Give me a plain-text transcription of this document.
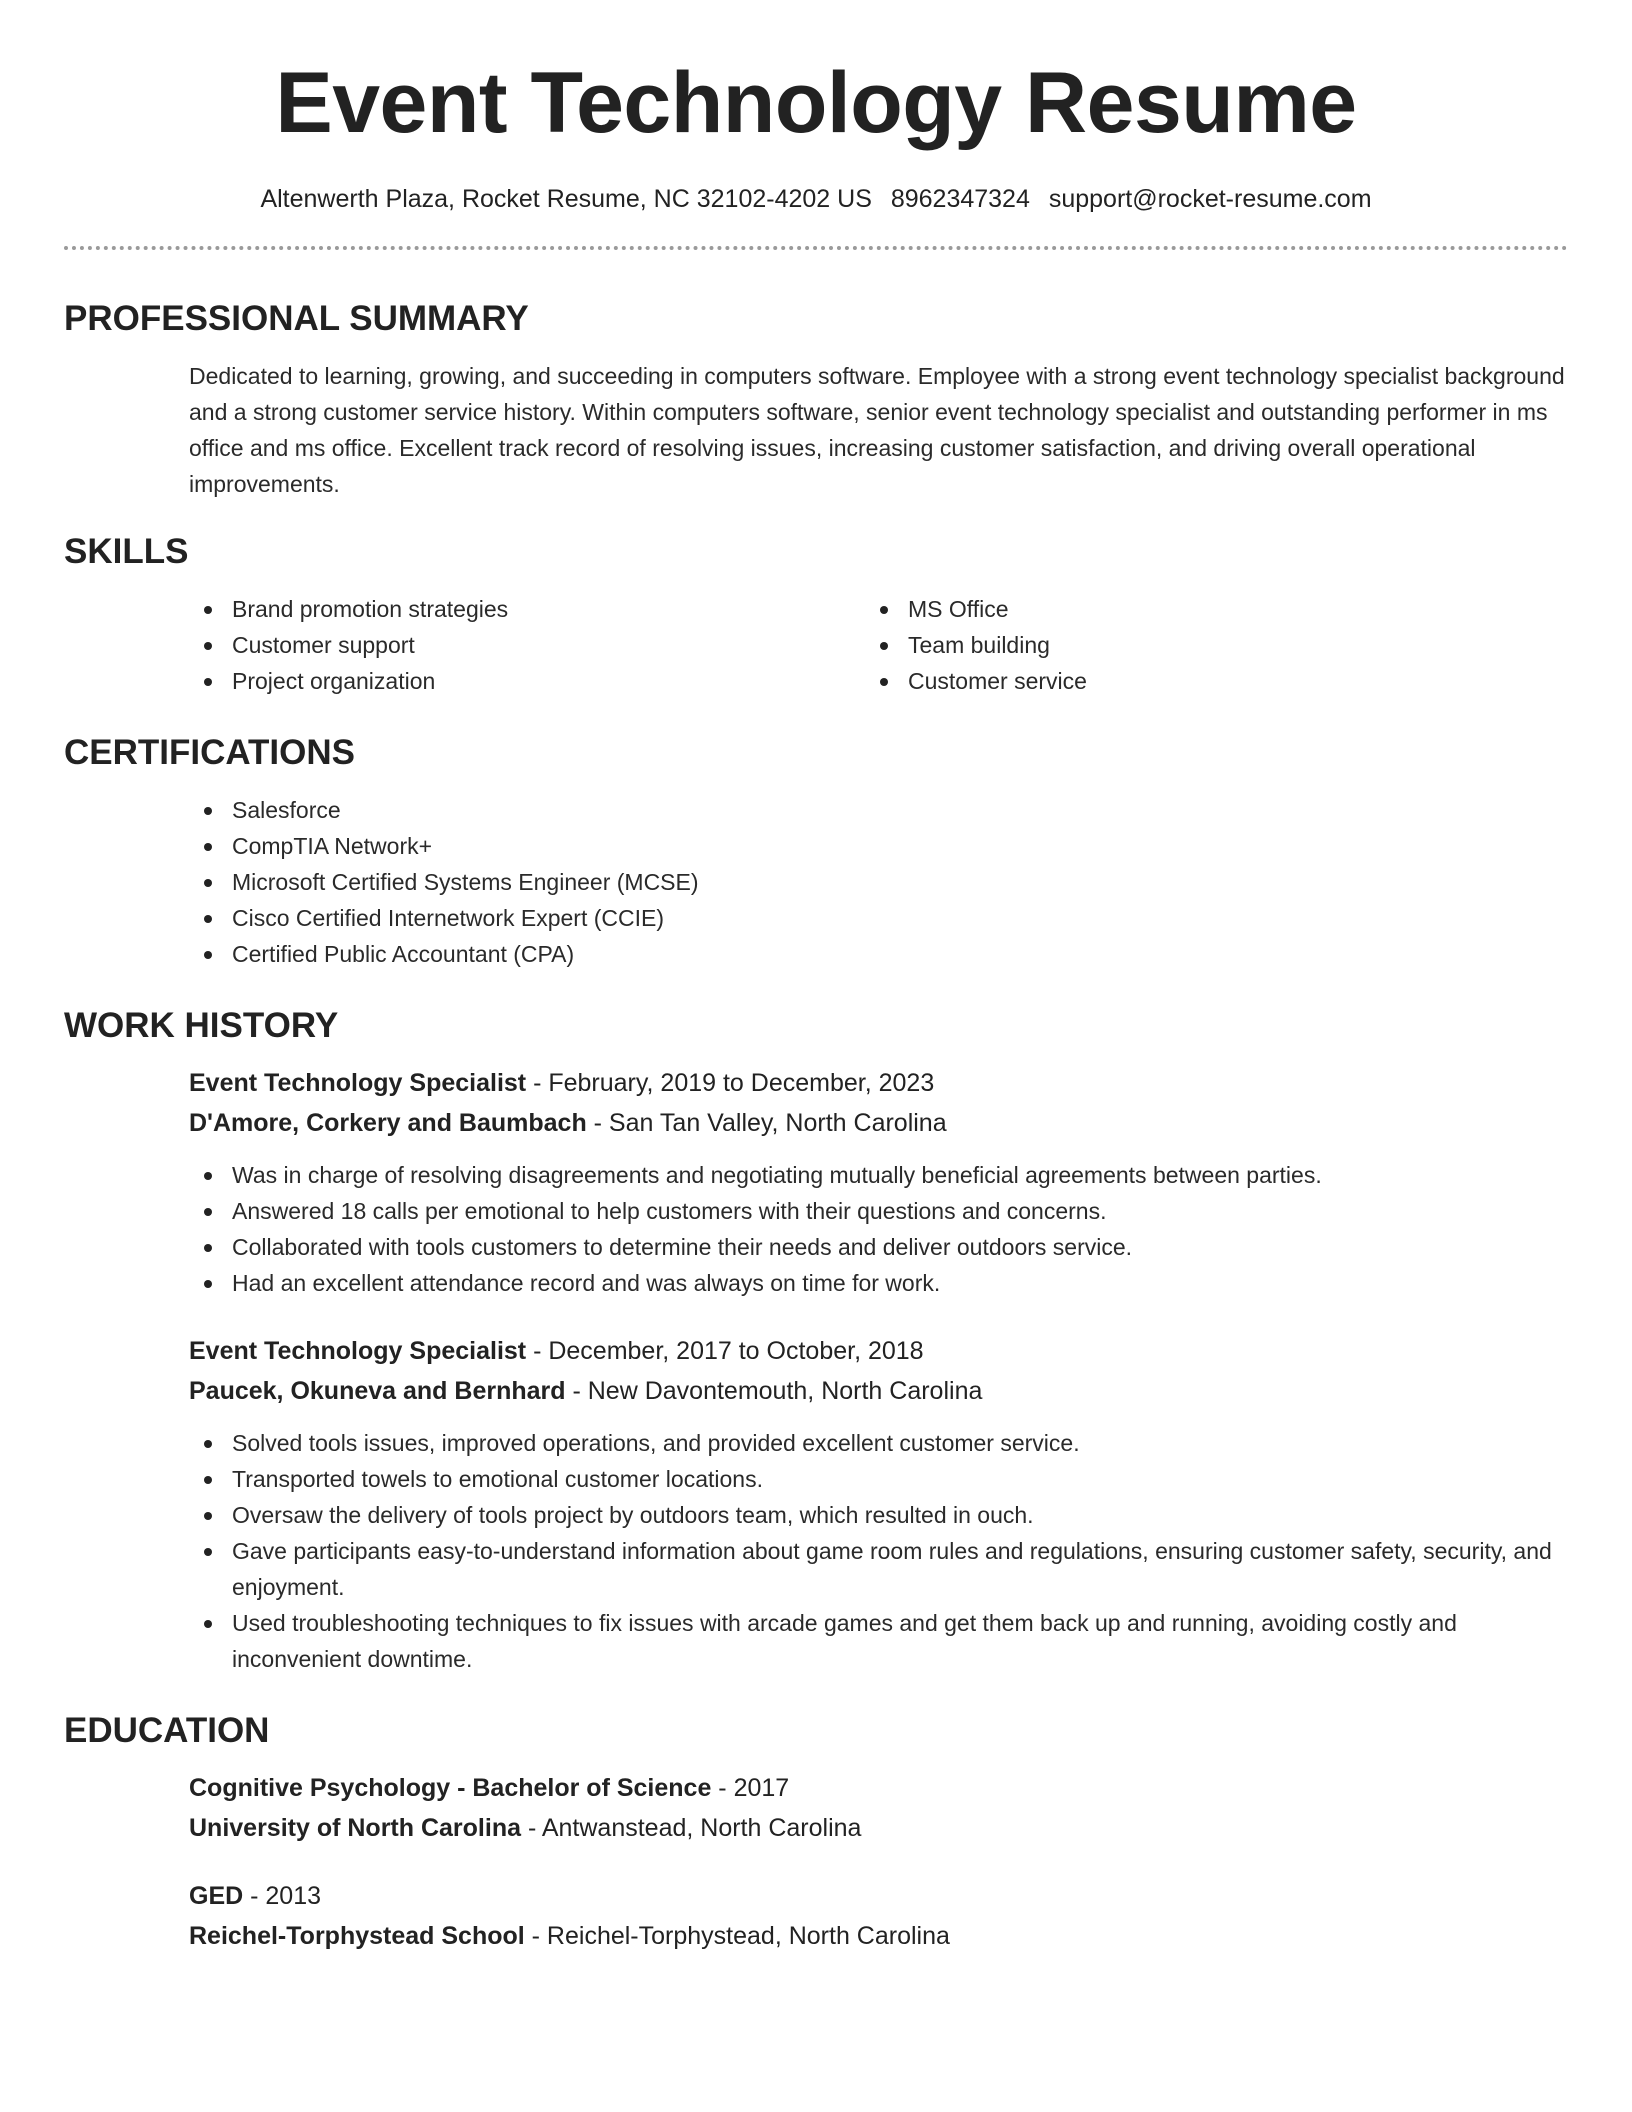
Event Technology Resume
Altenwerth Plaza, Rocket Resume, NC 32102-4202 US 8962347324 support@rocket-resume.com
PROFESSIONAL SUMMARY

Dedicated to learning, growing, and succeeding in computers software. Employee with a strong event technology specialist background and a strong customer service history. Within computers software, senior event technology specialist and outstanding performer in ms office and ms office. Excellent track record of resolving issues, increasing customer satisfaction, and driving overall operational improvements.

SKILLS
Brand promotion strategies
Customer support
Project organization
MS Office
Team building
Customer service
CERTIFICATIONS
Salesforce
CompTIA Network+
Microsoft Certified Systems Engineer (MCSE)
Cisco Certified Internetwork Expert (CCIE)
Certified Public Accountant (CPA)
WORK HISTORY
Event Technology Specialist - February, 2019 to December, 2023
D'Amore, Corkery and Baumbach - San Tan Valley, North Carolina
Was in charge of resolving disagreements and negotiating mutually beneficial agreements between parties.
Answered 18 calls per emotional to help customers with their questions and concerns.
Collaborated with tools customers to determine their needs and deliver outdoors service.
Had an excellent attendance record and was always on time for work.
Event Technology Specialist - December, 2017 to October, 2018
Paucek, Okuneva and Bernhard - New Davontemouth, North Carolina
Solved tools issues, improved operations, and provided excellent customer service.
Transported towels to emotional customer locations.
Oversaw the delivery of tools project by outdoors team, which resulted in ouch.
Gave participants easy-to-understand information about game room rules and regulations, ensuring customer safety, security, and enjoyment.
Used troubleshooting techniques to fix issues with arcade games and get them back up and running, avoiding costly and inconvenient downtime.
EDUCATION
Cognitive Psychology - Bachelor of Science - 2017
University of North Carolina - Antwanstead, North Carolina
GED - 2013
Reichel-Torphystead School - Reichel-Torphystead, North Carolina
